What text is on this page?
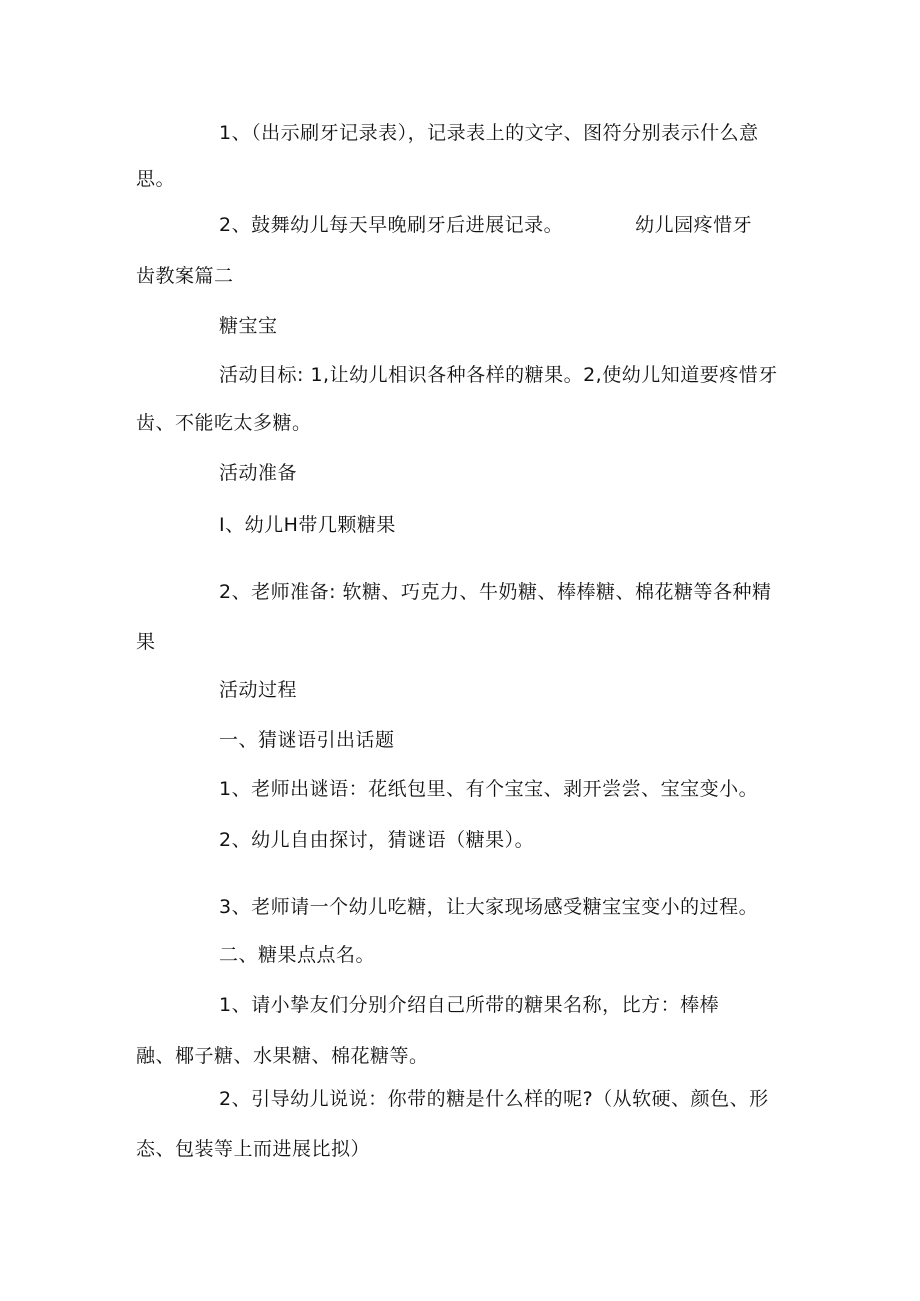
1、（出示刷牙记录表），记录表上的文字、图符分别表示什么意
思。
2、鼓舞幼儿每天早晚刷牙后进展记录。	幼儿园疼惜牙
齿教案篇二
糖宝宝
活动目标: 1,让幼儿相识各种各样的糖果。2,使幼儿知道要疼惜牙
齿、不能吃太多糖。
活动准备
I、幼儿H带几颗糖果
2、老师准备: 软糖、巧克力、牛奶糖、棒棒糖、棉花糖等各种精
果
活动过程
一、猜谜语引出话题
1、老师出谜语：花纸包里、有个宝宝、剥开尝尝、宝宝变小。
2、幼儿自由探讨，猜谜语（糖果）。
3、老师请一个幼儿吃糖，让大家现场感受糖宝宝变小的过程。
二、糖果点点名。
1、请小挚友们分别介绍自己所带的糖果名称，比方：棒棒
融、椰子糖、水果糖、棉花糖等。
2、引导幼儿说说：你带的糖是什么样的呢?（从软硬、颜色、形
态、包装等上而进展比拟）
